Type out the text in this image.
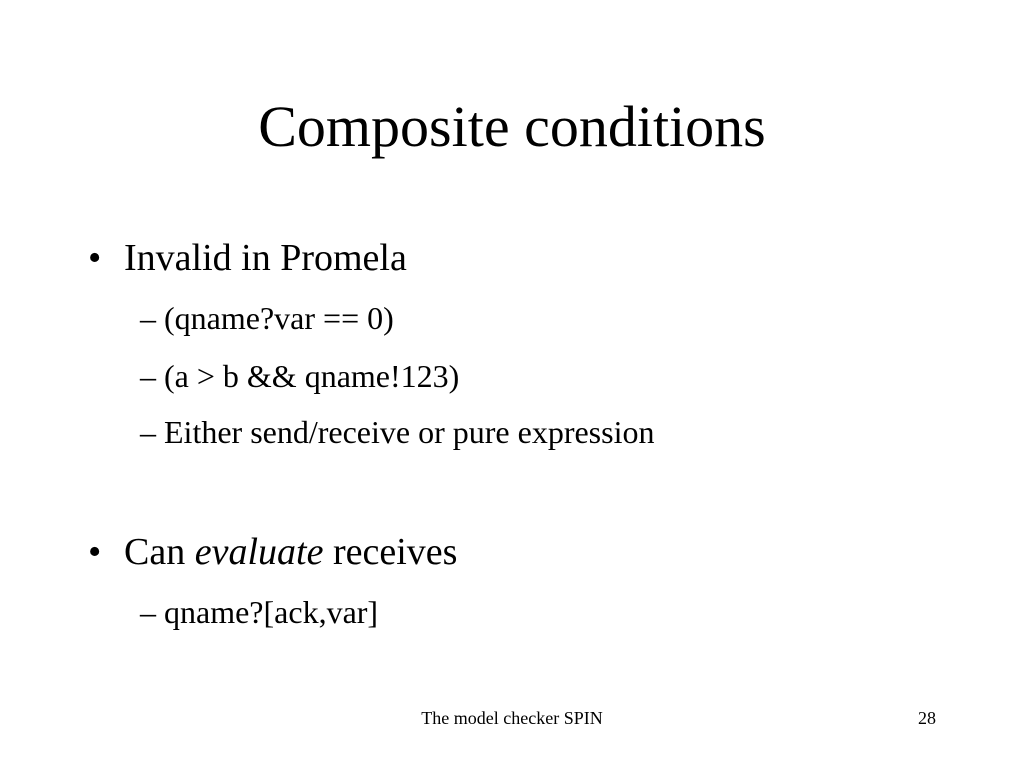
Composite conditions
• Invalid in Promela
– (qname?var == 0)
– (a > b && qname!123)
– Either send/receive or pure expression
• Can evaluate receives
– qname?[ack,var]
The model checker SPIN	28
